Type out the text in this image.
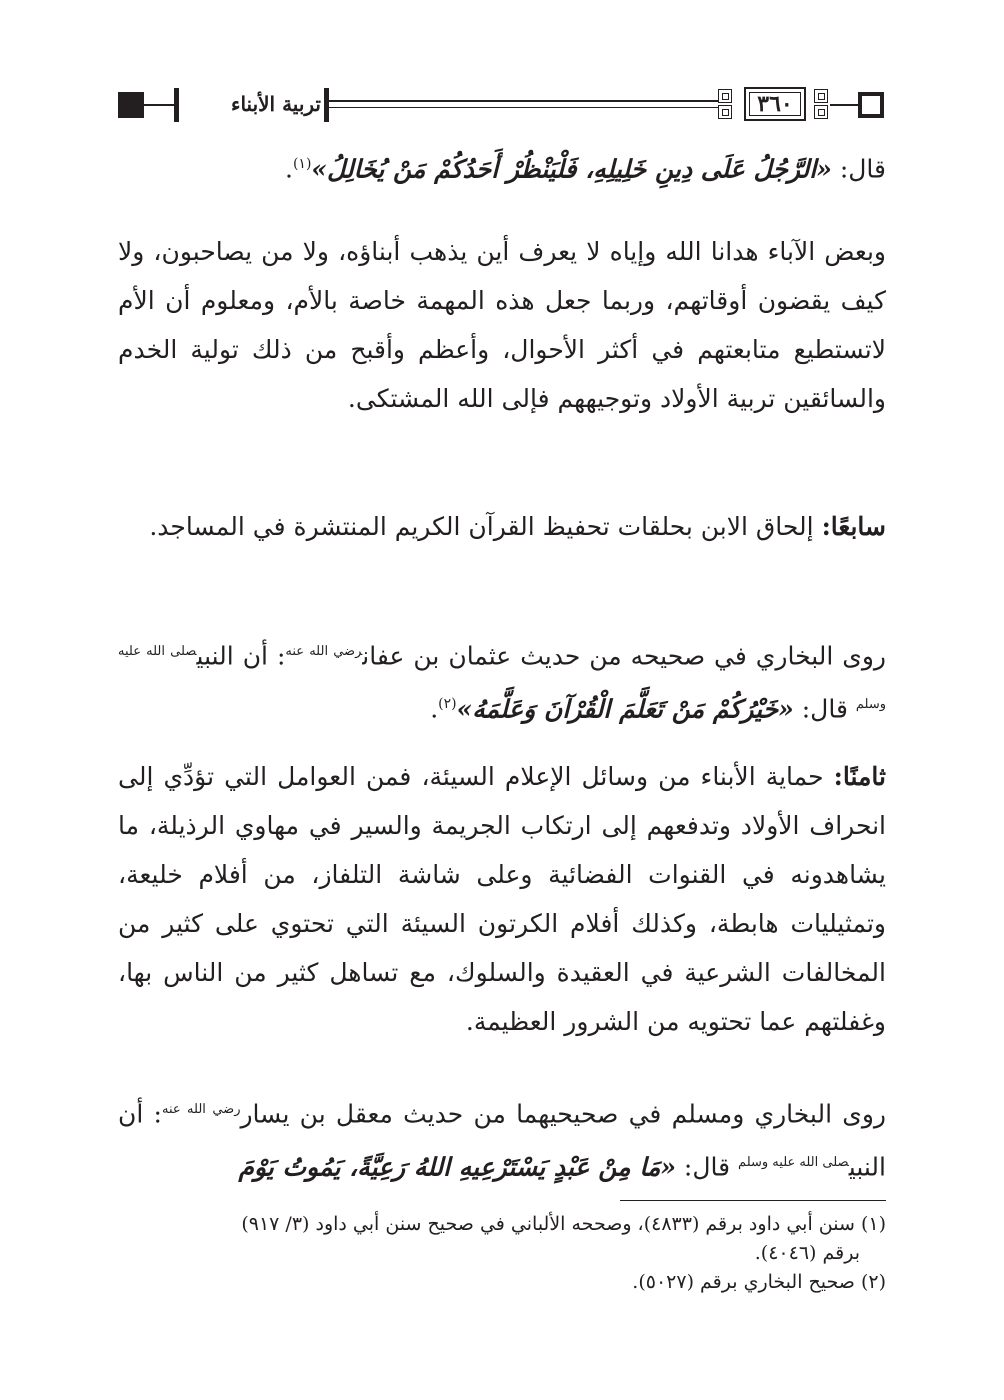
تربية الأبناء	٣٦٠
قال: «الرَّجُلُ عَلَى دِينِ خَلِيلِهِ، فَلْيَنْظُرْ أَحَدُكُمْ مَنْ يُخَالِلُ»$^{(١)}$.

وبعض الآباء هدانا الله وإياه لا يعرف أين يذهب أبناؤه، ولا من يصاحبون، ولا كيف يقضون أوقاتهم، وربما جعل هذه المهمة خاصة بالأم، ومعلوم أن الأم لاتستطيع متابعتهم في أكثر الأحوال، وأعظم وأقبح من ذلك تولية الخدم والسائقين تربية الأولاد وتوجيههم فإلى الله المشتكى.

سابعًا: إلحاق الابن بحلقات تحفيظ القرآن الكريم المنتشرة في المساجد.

روى البخاري في صحيحه من حديث عثمان بن عفان$^{رضي الله عنه}$: أن النبي$^{صلى الله عليه وسلم}$ قال: «خَيْرُكُمْ مَنْ تَعَلَّمَ الْقُرْآنَ وَعَلَّمَهُ»$^{(٢)}$.

ثامنًا: حماية الأبناء من وسائل الإعلام السيئة، فمن العوامل التي تؤدِّي إلى انحراف الأولاد وتدفعهم إلى ارتكاب الجريمة والسير في مهاوي الرذيلة، ما يشاهدونه في القنوات الفضائية وعلى شاشة التلفاز، من أفلام خليعة، وتمثيليات هابطة، وكذلك أفلام الكرتون السيئة التي تحتوي على كثير من المخالفات الشرعية في العقيدة والسلوك، مع تساهل كثير من الناس بها، وغفلتهم عما تحتويه من الشرور العظيمة.

روى البخاري ومسلم في صحيحيهما من حديث معقل بن يسار$^{رضي الله عنه}$: أن النبي$^{صلى الله عليه وسلم}$ قال: «مَا مِنْ عَبْدٍ يَسْتَرْعِيهِ اللهُ رَعِيَّةً، يَمُوتُ يَوْمَ

(١) سنن أبي داود برقم (٤٨٣٣)، وصححه الألباني في صحيح سنن أبي داود (٣/ ٩١٧)

برقم (٤٠٤٦).

(٢) صحيح البخاري برقم (٥٠٢٧).
